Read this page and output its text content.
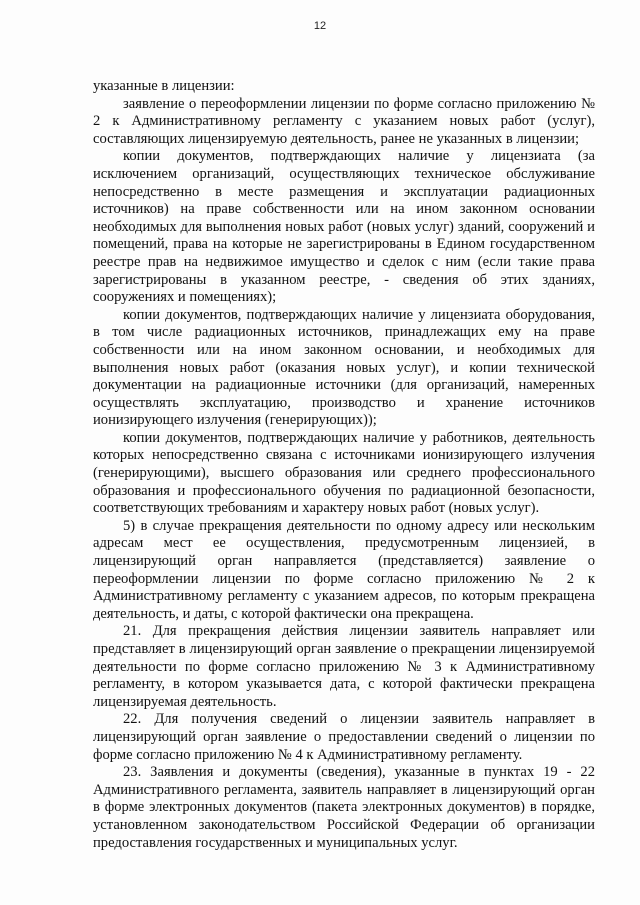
12

указанные в лицензии:

заявление о переоформлении лицензии по форме согласно приложению № 2 к Административному регламенту с указанием новых работ (услуг), составляющих лицензируемую деятельность, ранее не указанных в лицензии;

копии документов, подтверждающих наличие у лицензиата (за исключением организаций, осуществляющих техническое обслуживание непосредственно в месте размещения и эксплуатации радиационных источников) на праве собственности или на ином законном основании необходимых для выполнения новых работ (новых услуг) зданий, сооружений и помещений, права на которые не зарегистрированы в Едином государственном реестре прав на недвижимое имущество и сделок с ним (если такие права зарегистрированы в указанном реестре, - сведения об этих зданиях, сооружениях и помещениях);

копии документов, подтверждающих наличие у лицензиата оборудования, в том числе радиационных источников, принадлежащих ему на праве собственности или на ином законном основании, и необходимых для выполнения новых работ (оказания новых услуг), и копии технической документации на радиационные источники (для организаций, намеренных осуществлять эксплуатацию, производство и хранение источников ионизирующего излучения (генерирующих));

копии документов, подтверждающих наличие у работников, деятельность которых непосредственно связана с источниками ионизирующего излучения (генерирующими), высшего образования или среднего профессионального образования и профессионального обучения по радиационной безопасности, соответствующих требованиям и характеру новых работ (новых услуг).

5) в случае прекращения деятельности по одному адресу или нескольким адресам мест ее осуществления, предусмотренным лицензией, в лицензирующий орган направляется (представляется) заявление о переоформлении лицензии по форме согласно приложению № 2 к Административному регламенту с указанием адресов, по которым прекращена деятельность, и даты, с которой фактически она прекращена.

21. Для прекращения действия лицензии заявитель направляет или представляет в лицензирующий орган заявление о прекращении лицензируемой деятельности по форме согласно приложению № 3 к Административному регламенту, в котором указывается дата, с которой фактически прекращена лицензируемая деятельность.

22. Для получения сведений о лицензии заявитель направляет в лицензирующий орган заявление о предоставлении сведений о лицензии по форме согласно приложению № 4 к Административному регламенту.

23. Заявления и документы (сведения), указанные в пунктах 19 - 22 Административного регламента, заявитель направляет в лицензирующий орган в форме электронных документов (пакета электронных документов) в порядке, установленном законодательством Российской Федерации об организации предоставления государственных и муниципальных услуг.
